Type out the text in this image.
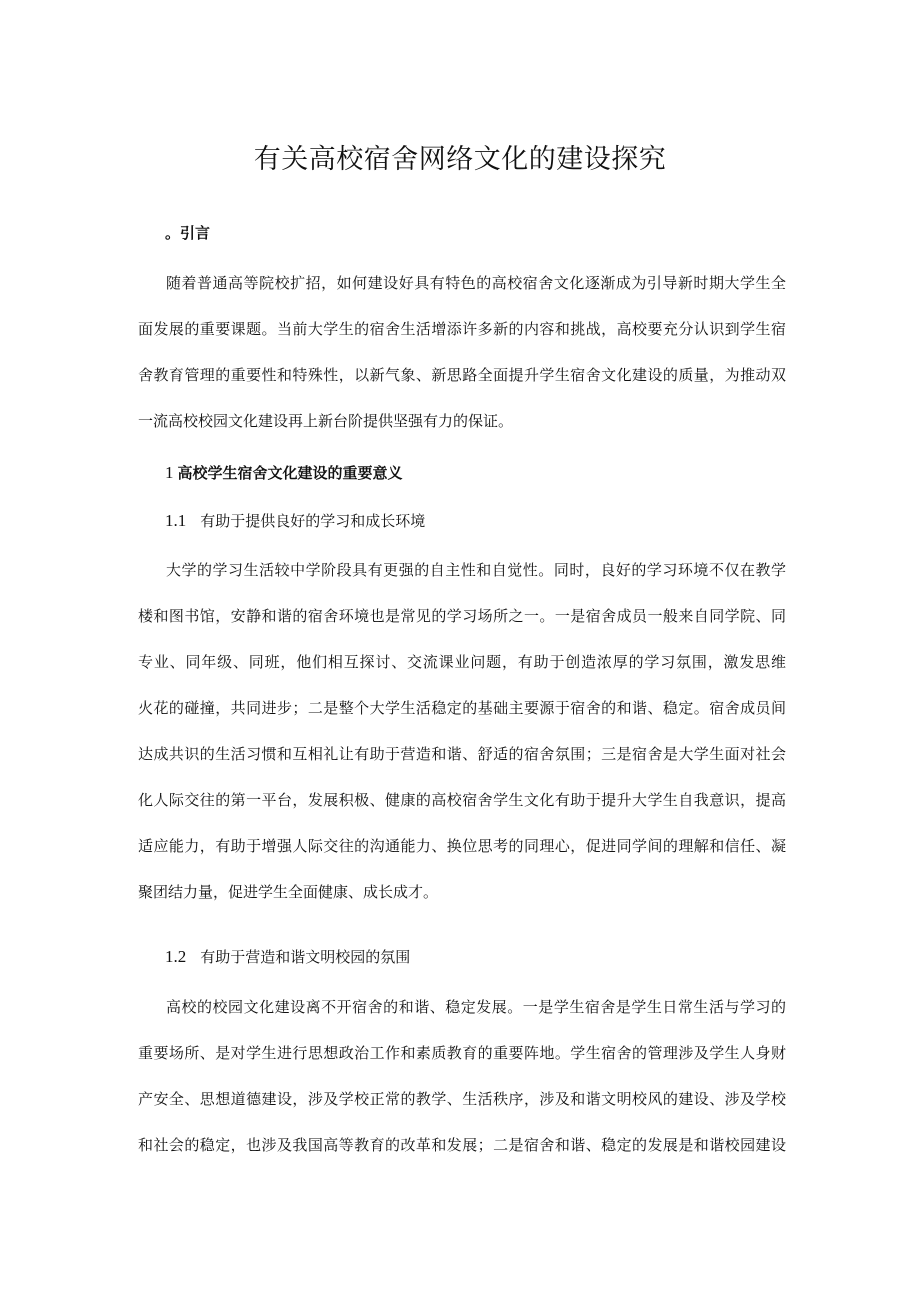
有关高校宿舍网络文化的建设探究

。引言

随着普通高等院校扩招，如何建设好具有特色的高校宿舍文化逐渐成为引导新时期大学生全
面发展的重要课题。当前大学生的宿舍生活增添许多新的内容和挑战，高校要充分认识到学生宿
舍教育管理的重要性和特殊性，以新气象、新思路全面提升学生宿舍文化建设的质量，为推动双
一流高校校园文化建设再上新台阶提供坚强有力的保证。

1 高校学生宿舍文化建设的重要意义

1.1 有助于提供良好的学习和成长环境

大学的学习生活较中学阶段具有更强的自主性和自觉性。同时，良好的学习环境不仅在教学
楼和图书馆，安静和谐的宿舍环境也是常见的学习场所之一。一是宿舍成员一般来自同学院、同
专业、同年级、同班，他们相互探讨、交流课业问题，有助于创造浓厚的学习氛围，激发思维
火花的碰撞，共同进步；二是整个大学生活稳定的基础主要源于宿舍的和谐、稳定。宿舍成员间
达成共识的生活习惯和互相礼让有助于营造和谐、舒适的宿舍氛围；三是宿舍是大学生面对社会
化人际交往的第一平台，发展积极、健康的高校宿舍学生文化有助于提升大学生自我意识，提高
适应能力，有助于增强人际交往的沟通能力、换位思考的同理心，促进同学间的理解和信任、凝
聚团结力量，促进学生全面健康、成长成才。

1.2 有助于营造和谐文明校园的氛围

高校的校园文化建设离不开宿舍的和谐、稳定发展。一是学生宿舍是学生日常生活与学习的
重要场所、是对学生进行思想政治工作和素质教育的重要阵地。学生宿舍的管理涉及学生人身财
产安全、思想道德建设，涉及学校正常的教学、生活秩序，涉及和谐文明校风的建设、涉及学校
和社会的稳定，也涉及我国高等教育的改革和发展；二是宿舍和谐、稳定的发展是和谐校园建设
